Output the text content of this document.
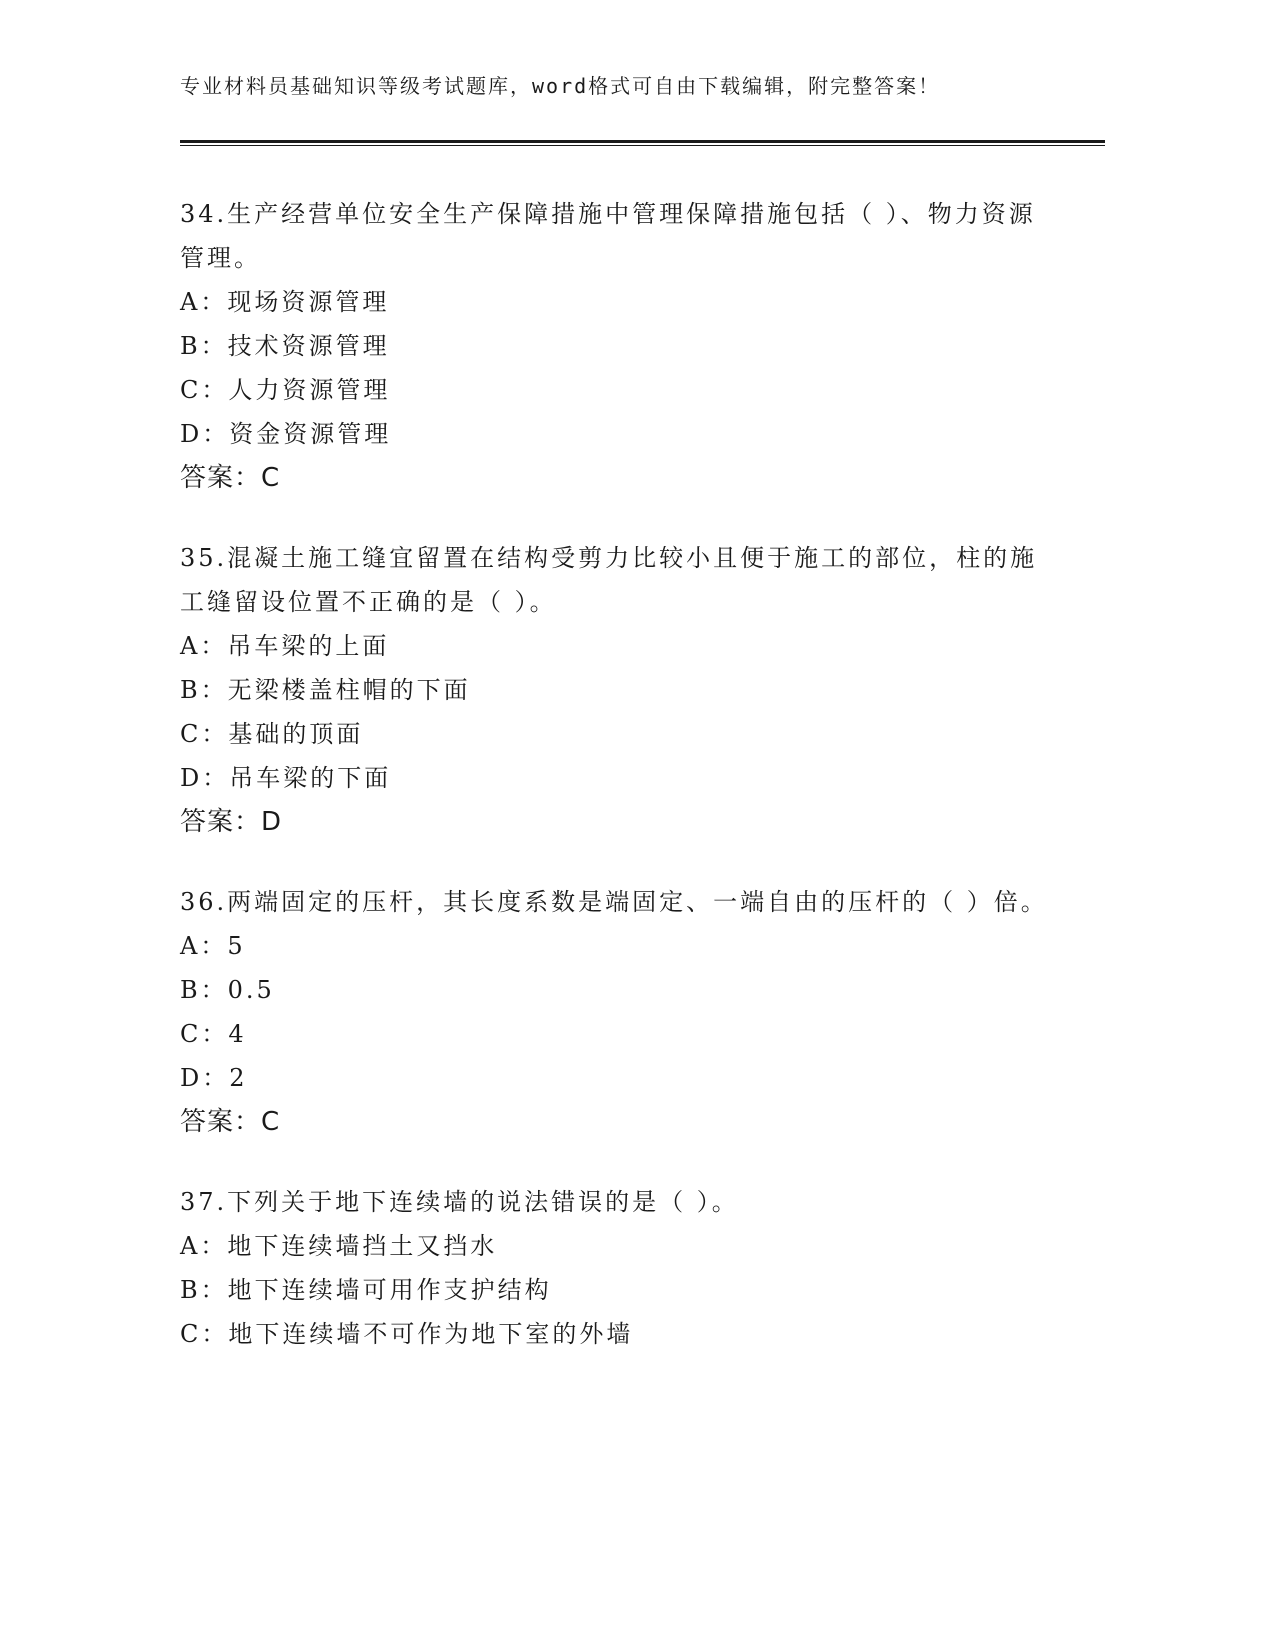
专业材料员基础知识等级考试题库，word格式可自由下载编辑，附完整答案！
34.生产经营单位安全生产保障措施中管理保障措施包括（ ）、物力资源管理。
A：现场资源管理
B：技术资源管理
C：人力资源管理
D：资金资源管理
答案：C
35.混凝土施工缝宜留置在结构受剪力比较小且便于施工的部位，柱的施工缝留设位置不正确的是（ ）。
A：吊车梁的上面
B：无梁楼盖柱帽的下面
C：基础的顶面
D：吊车梁的下面
答案：D
36.两端固定的压杆，其长度系数是端固定、一端自由的压杆的（ ）倍。
A：5
B：0.5
C：4
D：2
答案：C
37.下列关于地下连续墙的说法错误的是（ ）。
A：地下连续墙挡土又挡水
B：地下连续墙可用作支护结构
C：地下连续墙不可作为地下室的外墙
